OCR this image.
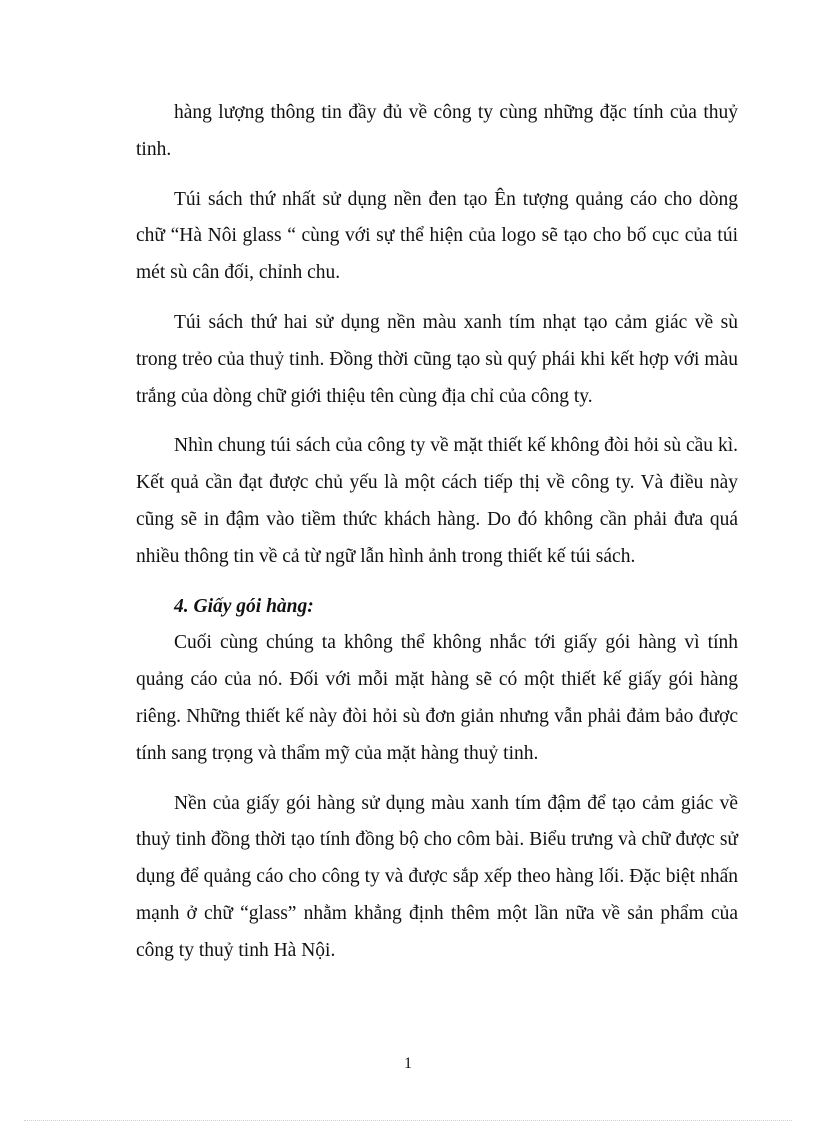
hàng lượng thông tin đầy đủ về công ty cùng những đặc tính của thuỷ tinh.

Túi sách thứ nhất sử dụng nền đen tạo Ên tượng quảng cáo cho dòng chữ “Hà Nôi glass “ cùng với sự thể hiện của logo sẽ tạo cho bố cục của túi mét sù cân đối, chỉnh chu.

Túi sách thứ hai sử dụng nền màu xanh tím nhạt tạo cảm giác về sù trong trẻo của thuỷ tinh. Đồng thời cũng tạo sù quý phái khi kết hợp với màu trắng của dòng chữ giới thiệu tên cùng địa chỉ của công ty.

Nhìn chung túi sách của công ty về mặt thiết kế không đòi hỏi sù cầu kì. Kết quả cần đạt được chủ yếu là một cách tiếp thị về công ty. Và điều này cũng sẽ in đậm vào tiềm thức khách hàng. Do đó không cần phải đưa quá nhiều thông tin về cả từ ngữ lẫn hình ảnh trong thiết kế túi sách.

4. Giấy gói hàng:

Cuối cùng chúng ta không thể không nhắc tới giấy gói hàng vì tính quảng cáo của nó. Đối với mỗi mặt hàng sẽ có một thiết kế giấy gói hàng riêng. Những thiết kế này đòi hỏi sù đơn giản nhưng vẫn phải đảm bảo được tính sang trọng và thẩm mỹ của mặt hàng thuỷ tinh.

Nền của giấy gói hàng sử dụng màu xanh tím đậm để tạo cảm giác về thuỷ tinh đồng thời tạo tính đồng bộ cho côm bài. Biểu trưng và chữ được sử dụng để quảng cáo cho công ty và được sắp xếp theo hàng lối. Đặc biệt nhấn mạnh ở chữ “glass” nhằm khẳng định thêm một lần nữa về sản phẩm của công ty thuỷ tinh Hà Nội.

1
